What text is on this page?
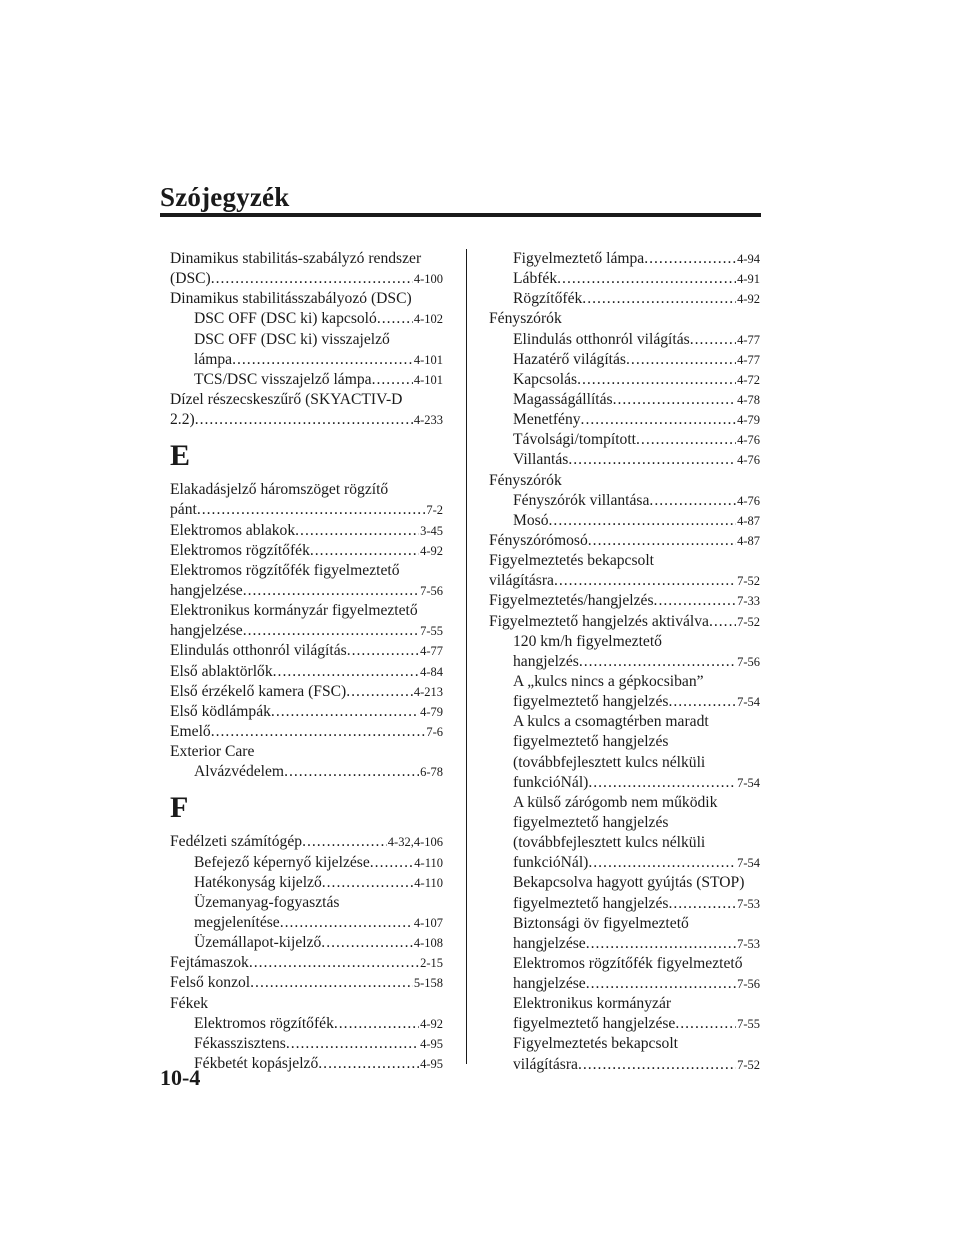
Szójegyzék
Dinamikus stabilitás-szabályzó rendszer
(DSC) .....	4-100
Dinamikus stabilitásszabályozó (DSC)
DSC OFF (DSC ki) kapcsoló .....	4-102
DSC OFF (DSC ki) visszajelző
lámpa .....	4-101
TCS/DSC visszajelző lámpa .....	4-101
Dízel részecskeszűrő (SKYACTIV-D
2.2) .....	4-233
E
Elakadásjelző háromszöget rögzítő
pánt .....	7-2
Elektromos ablakok .....	3-45
Elektromos rögzítőfék .....	4-92
Elektromos rögzítőfék figyelmeztető
hangjelzése .....	7-56
Elektronikus kormányzár figyelmeztető
hangjelzése .....	7-55
Elindulás otthonról világítás .....	4-77
Első ablaktörlők .....	4-84
Első érzékelő kamera (FSC) .....	4-213
Első ködlámpák .....	4-79
Emelő .....	7-6
Exterior Care
Alvázvédelem .....	6-78
F
Fedélzeti számítógép .....	4-32,4-106
Befejező képernyő kijelzése .....	4-110
Hatékonyság kijelző .....	4-110
Üzemanyag-fogyasztás
megjelenítése .....	4-107
Üzemállapot-kijelző .....	4-108
Fejtámaszok .....	2-15
Felső konzol .....	5-158
Fékek
Elektromos rögzítőfék .....	4-92
Fékasszisztens .....	4-95
Fékbetét kopásjelző .....	4-95
Figyelmeztető lámpa .....	4-94
Lábfék .....	4-91
Rögzítőfék .....	4-92
Fényszórók
Elindulás otthonról világítás .....	4-77
Hazatérő világítás .....	4-77
Kapcsolás .....	4-72
Magasságállítás .....	4-78
Menetfény .....	4-79
Távolsági/tompított .....	4-76
Villantás .....	4-76
Fényszórók
Fényszórók villantása .....	4-76
Mosó .....	4-87
Fényszórómosó .....	4-87
Figyelmeztetés bekapcsolt
világításra .....	7-52
Figyelmeztetés/hangjelzés .....	7-33
Figyelmeztető hangjelzés aktiválva ..... 7-52
120 km/h figyelmeztető
hangjelzés .....	7-56
A „kulcs nincs a gépkocsiban”
figyelmeztető hangjelzés .....	7-54
A kulcs a csomagtérben maradt
figyelmeztető hangjelzés
(továbbfejlesztett kulcs nélküli
funkcióNál) .....	7-54
A külső zárógomb nem működik
figyelmeztető hangjelzés
(továbbfejlesztett kulcs nélküli
funkcióNál) .....	7-54
Bekapcsolva hagyott gyújtás (STOP)
figyelmeztető hangjelzés .....	7-53
Biztonsági öv figyelmeztető
hangjelzése .....	7-53
Elektromos rögzítőfék figyelmeztető
hangjelzése .....	7-56
Elektronikus kormányzár
figyelmeztető hangjelzése .....	7-55
Figyelmeztetés bekapcsolt
világításra .....	7-52
10-4
